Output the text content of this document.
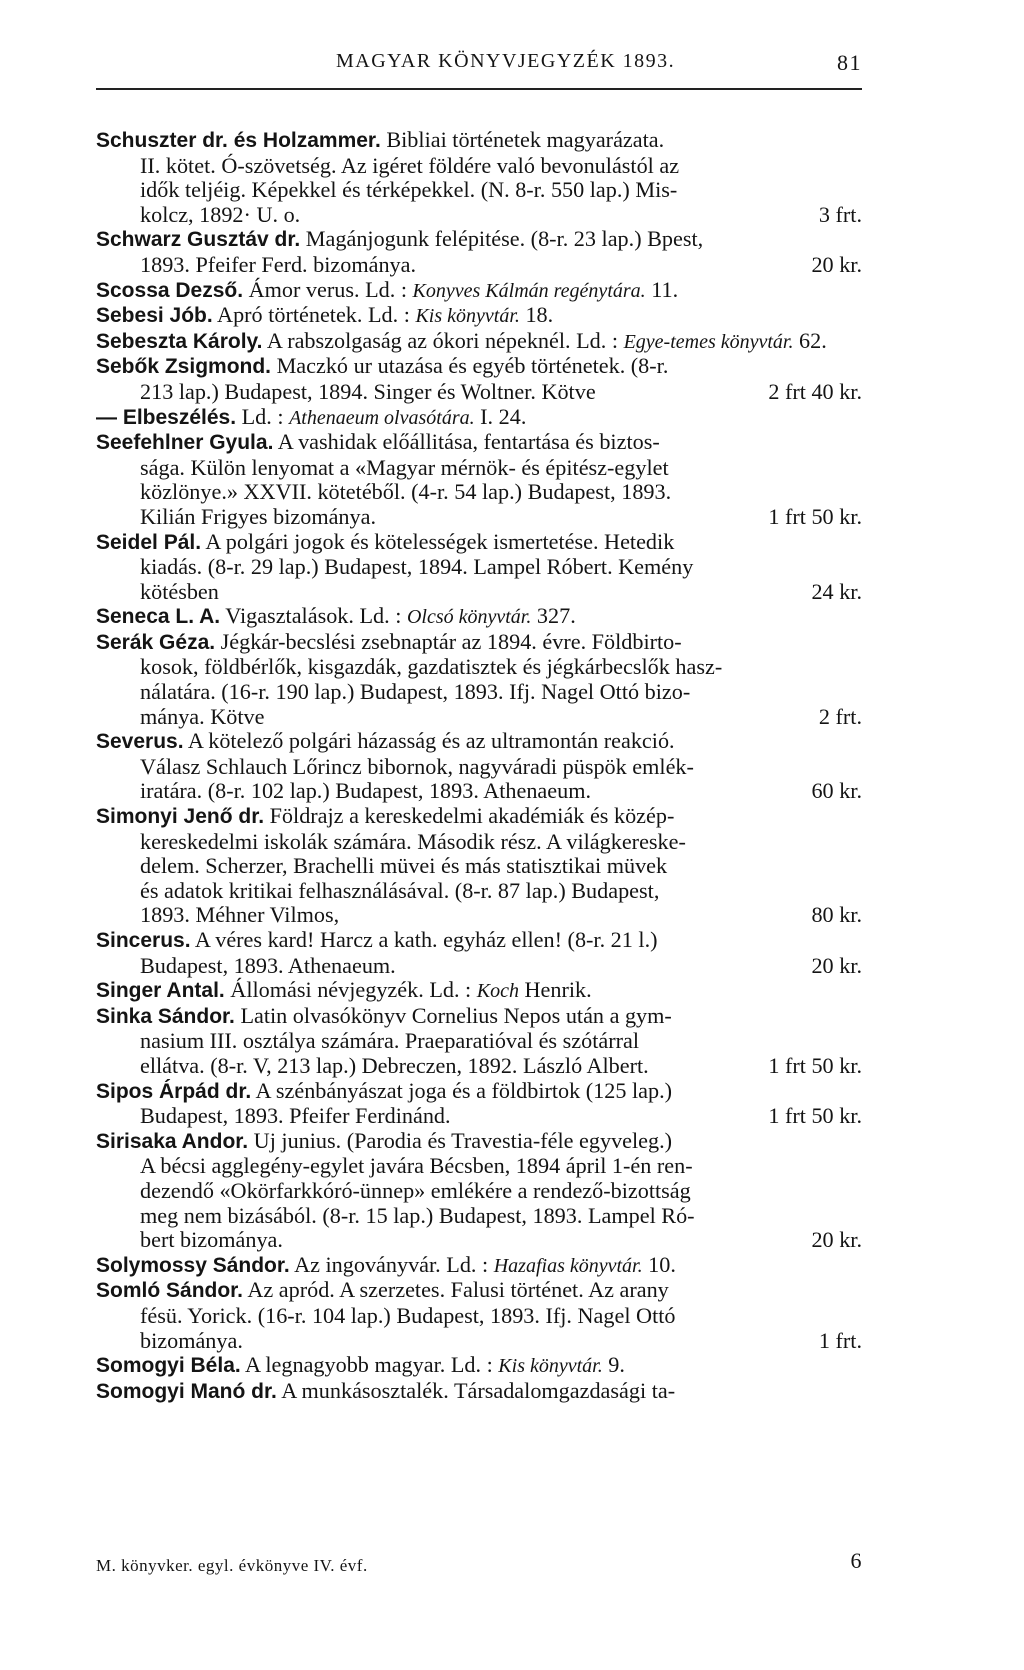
MAGYAR KÖNYVJEGYZÉK 1893.	81
Schuszter dr. és Holzammer. Bibliai történetek magyarázata.
II. kötet. Ó-szövetség. Az igéret földére való bevonulástól az
idők teljéig. Képekkel és térképekkel. (N. 8-r. 550 lap.) Mis-
kolcz, 1892· U. o.	3 frt.
Schwarz Gusztáv dr. Magánjogunk felépitése. (8-r. 23 lap.) Bpest,
1893. Pfeifer Ferd. bizománya.	20 kr.
Scossa Dezső. Ámor verus. Ld. : Konyves Kálmán regénytára. 11.
Sebesi Jób. Apró történetek. Ld. : Kis könyvtár. 18.
Sebeszta Károly. A rabszolgaság az ókori népeknél. Ld. : Egye-temes könyvtár. 62.
Sebők Zsigmond. Maczkó ur utazása és egyéb történetek. (8-r.
213 lap.) Budapest, 1894. Singer és Woltner. Kötve	2 frt 40 kr.
— Elbeszélés. Ld. : Athenaeum olvasótára. I. 24.
Seefehlner Gyula. A vashidak előállitása, fentartása és biztos-
sága. Külön lenyomat a «Magyar mérnök- és épitész-egylet
közlönye.» XXVII. kötetéből. (4-r. 54 lap.) Budapest, 1893.
Kilián Frigyes bizománya.	1 frt 50 kr.
Seidel Pál. A polgári jogok és kötelességek ismertetése. Hetedik
kiadás. (8-r. 29 lap.) Budapest, 1894. Lampel Róbert. Kemény
kötésben	24 kr.
Seneca L. A. Vigasztalások. Ld. : Olcsó könyvtár. 327.
Serák Géza. Jégkár-becslési zsebnaptár az 1894. évre. Földbirto-
kosok, földbérlők, kisgazdák, gazdatisztek és jégkárbecslők hasz-
nálatára. (16-r. 190 lap.) Budapest, 1893. Ifj. Nagel Ottó bizo-
mánya. Kötve	2 frt.
Severus. A kötelező polgári házasság és az ultramontán reakció.
Válasz Schlauch Lőrincz bibornok, nagyváradi püspök emlék-
iratára. (8-r. 102 lap.) Budapest, 1893. Athenaeum.	60 kr.
Simonyi Jenő dr. Földrajz a kereskedelmi akadémiák és közép-
kereskedelmi iskolák számára. Második rész. A világkereske-
delem. Scherzer, Brachelli müvei és más statisztikai müvek
és adatok kritikai felhasználásával. (8-r. 87 lap.) Budapest,
1893. Méhner Vilmos,	80 kr.
Sincerus. A véres kard! Harcz a kath. egyház ellen! (8-r. 21 l.)
Budapest, 1893. Athenaeum.	20 kr.
Singer Antal. Állomási névjegyzék. Ld. : Koch Henrik.
Sinka Sándor. Latin olvasókönyv Cornelius Nepos után a gym-
nasium III. osztálya számára. Praeparatióval és szótárral
ellátva. (8-r. V, 213 lap.) Debreczen, 1892. László Albert.	1 frt 50 kr.
Sipos Árpád dr. A szénbányászat joga és a földbirtok (125 lap.)
Budapest, 1893. Pfeifer Ferdinánd.	1 frt 50 kr.
Sirisaka Andor. Uj junius. (Parodia és Travestia-féle egyveleg.)
A bécsi agglegény-egylet javára Bécsben, 1894 ápril 1-én ren-
dezendő «Okörfarkkóró-ünnep» emlékére a rendező-bizottság
meg nem bizásából. (8-r. 15 lap.) Budapest, 1893. Lampel Ró-
bert bizománya.	20 kr.
Solymossy Sándor. Az ingoványvár. Ld. : Hazafias könyvtár. 10.
Somló Sándor. Az apród. A szerzetes. Falusi történet. Az arany
fésü. Yorick. (16-r. 104 lap.) Budapest, 1893. Ifj. Nagel Ottó
bizománya.	1 frt.
Somogyi Béla. A legnagyobb magyar. Ld. : Kis könyvtár. 9.
Somogyi Manó dr. A munkásosztalék. Társadalomgazdasági ta-
M. könyvker. egyl. évkönyve IV. évf.	6
